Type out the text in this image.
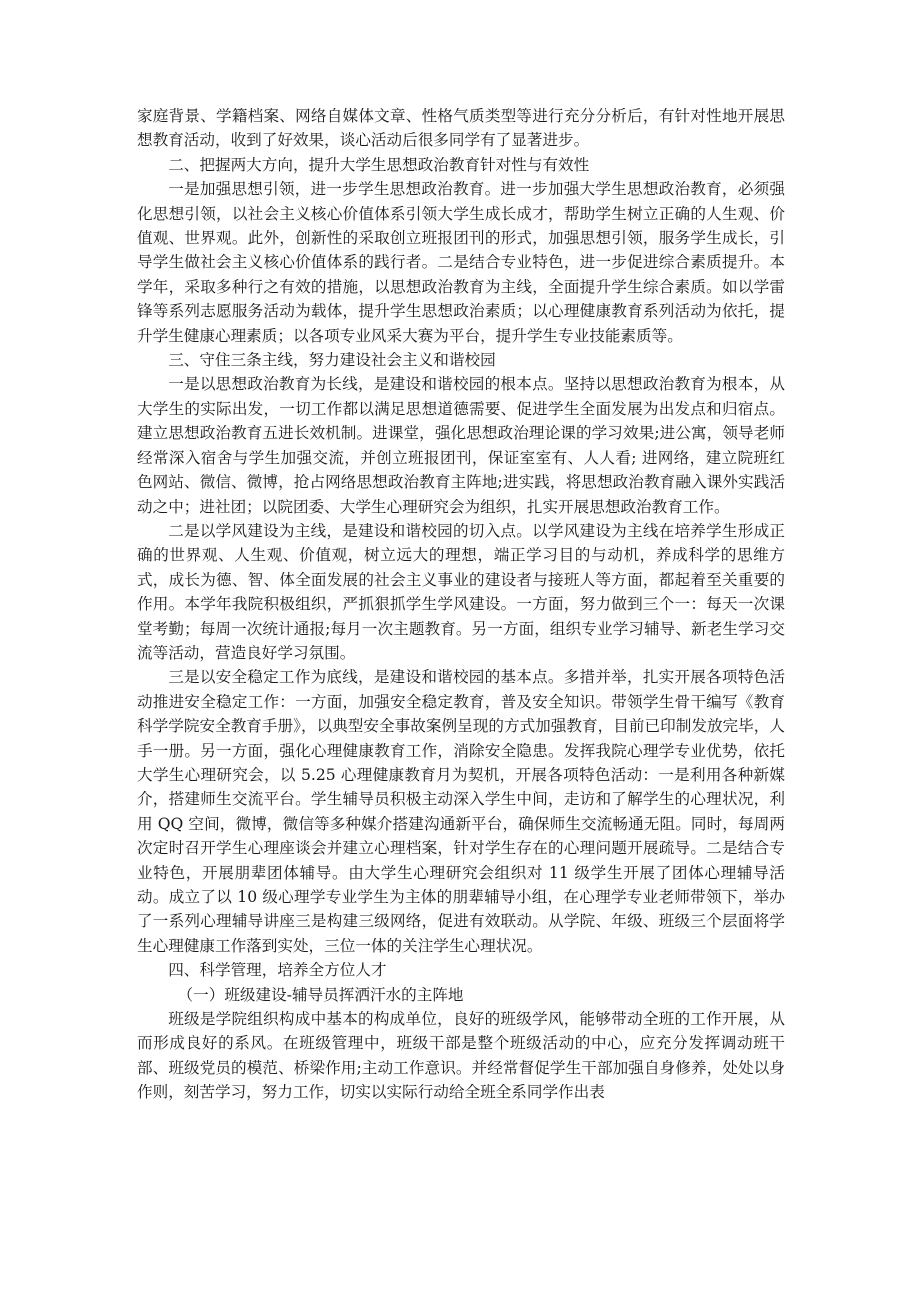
家庭背景、学籍档案、网络自媒体文章、性格气质类型等进行充分分析后，有针对性地开展思想教育活动，收到了好效果，谈心活动后很多同学有了显著进步。

二、把握两大方向，提升大学生思想政治教育针对性与有效性

一是加强思想引领，进一步学生思想政治教育。进一步加强大学生思想政治教育，必须强化思想引领，以社会主义核心价值体系引领大学生成长成才，帮助学生树立正确的人生观、价值观、世界观。此外，创新性的采取创立班报团刊的形式，加强思想引领，服务学生成长，引导学生做社会主义核心价值体系的践行者。二是结合专业特色，进一步促进综合素质提升。本学年，采取多种行之有效的措施，以思想政治教育为主线，全面提升学生综合素质。如以学雷锋等系列志愿服务活动为载体，提升学生思想政治素质；以心理健康教育系列活动为依托，提升学生健康心理素质；以各项专业风采大赛为平台，提升学生专业技能素质等。

三、守住三条主线，努力建设社会主义和谐校园

一是以思想政治教育为长线，是建设和谐校园的根本点。坚持以思想政治教育为根本，从大学生的实际出发，一切工作都以满足思想道德需要、促进学生全面发展为出发点和归宿点。建立思想政治教育五进长效机制。进课堂，强化思想政治理论课的学习效果;进公寓，领导老师经常深入宿舍与学生加强交流，并创立班报团刊，保证室室有、人人看; 进网络，建立院班红色网站、微信、微博，抢占网络思想政治教育主阵地;进实践，将思想政治教育融入课外实践活动之中；进社团；以院团委、大学生心理研究会为组织，扎实开展思想政治教育工作。

二是以学风建设为主线，是建设和谐校园的切入点。以学风建设为主线在培养学生形成正确的世界观、人生观、价值观，树立远大的理想，端正学习目的与动机，养成科学的思维方式，成长为德、智、体全面发展的社会主义事业的建设者与接班人等方面，都起着至关重要的作用。本学年我院积极组织，严抓狠抓学生学风建设。一方面，努力做到三个一：每天一次课堂考勤；每周一次统计通报;每月一次主题教育。另一方面，组织专业学习辅导、新老生学习交流等活动，营造良好学习氛围。

三是以安全稳定工作为底线，是建设和谐校园的基本点。多措并举，扎实开展各项特色活动推进安全稳定工作：一方面，加强安全稳定教育，普及安全知识。带领学生骨干编写《教育科学学院安全教育手册》，以典型安全事故案例呈现的方式加强教育，目前已印制发放完毕，人手一册。另一方面，强化心理健康教育工作，消除安全隐患。发挥我院心理学专业优势，依托大学生心理研究会，以 5.25 心理健康教育月为契机，开展各项特色活动：一是利用各种新媒介，搭建师生交流平台。学生辅导员积极主动深入学生中间，走访和了解学生的心理状况，利用 QQ 空间，微博，微信等多种媒介搭建沟通新平台，确保师生交流畅通无阻。同时，每周两次定时召开学生心理座谈会并建立心理档案，针对学生存在的心理问题开展疏导。二是结合专业特色，开展朋辈团体辅导。由大学生心理研究会组织对 11 级学生开展了团体心理辅导活动。成立了以 10 级心理学专业学生为主体的朋辈辅导小组，在心理学专业老师带领下，举办了一系列心理辅导讲座三是构建三级网络，促进有效联动。从学院、年级、班级三个层面将学生心理健康工作落到实处，三位一体的关注学生心理状况。

四、科学管理，培养全方位人才

（一）班级建设-辅导员挥洒汗水的主阵地

班级是学院组织构成中基本的构成单位，良好的班级学风，能够带动全班的工作开展，从而形成良好的系风。在班级管理中，班级干部是整个班级活动的中心，应充分发挥调动班干部、班级党员的模范、桥梁作用;主动工作意识。并经常督促学生干部加强自身修养，处处以身作则，刻苦学习，努力工作，切实以实际行动给全班全系同学作出表
